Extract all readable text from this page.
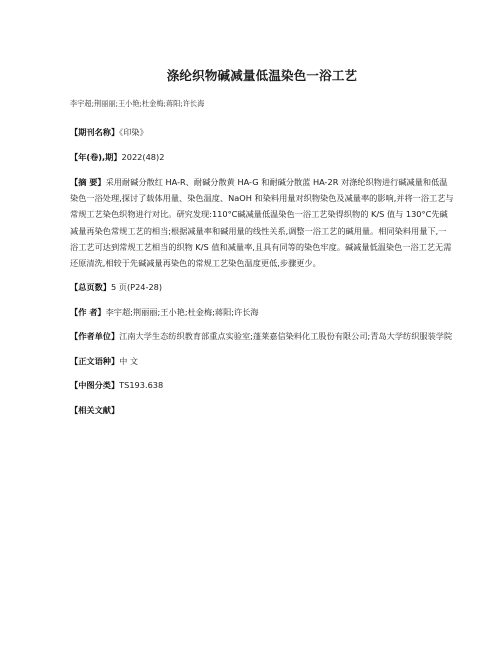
涤纶织物碱减量低温染色一浴工艺
李宇超;荆丽丽;王小艳;杜金梅;蒋阳;许长海
【期刊名称】《印染》
【年(卷),期】2022(48)2
【摘 要】采用耐碱分散红 HA-R、耐碱分散黄 HA-G 和耐碱分散蓝 HA-2R 对涤纶织物进行碱减量和低温染色一浴处理,探讨了载体用量、染色温度、NaOH 和染料用量对织物染色及减量率的影响,并将一浴工艺与常规工艺染色织物进行对比。研究发现:110°C碱减量低温染色一浴工艺染得织物的 K/S 值与 130°C先碱减量再染色常规工艺的相当;根据减量率和碱用量的线性关系,调整一浴工艺的碱用量。相同染料用量下,一浴工艺可达到常规工艺相当的织物 K/S 值和减量率,且具有同等的染色牢度。碱减量低温染色一浴工艺无需还原清洗,相较于先碱减量再染色的常规工艺染色温度更低,步骤更少。
【总页数】5 页(P24-28)
【作 者】李宇超;荆丽丽;王小艳;杜金梅;蒋阳;许长海
【作者单位】江南大学生态纺织教育部重点实验室;蓬莱嘉信染料化工股份有限公司;青岛大学纺织服装学院
【正文语种】中 文
【中图分类】TS193.638
【相关文献】
